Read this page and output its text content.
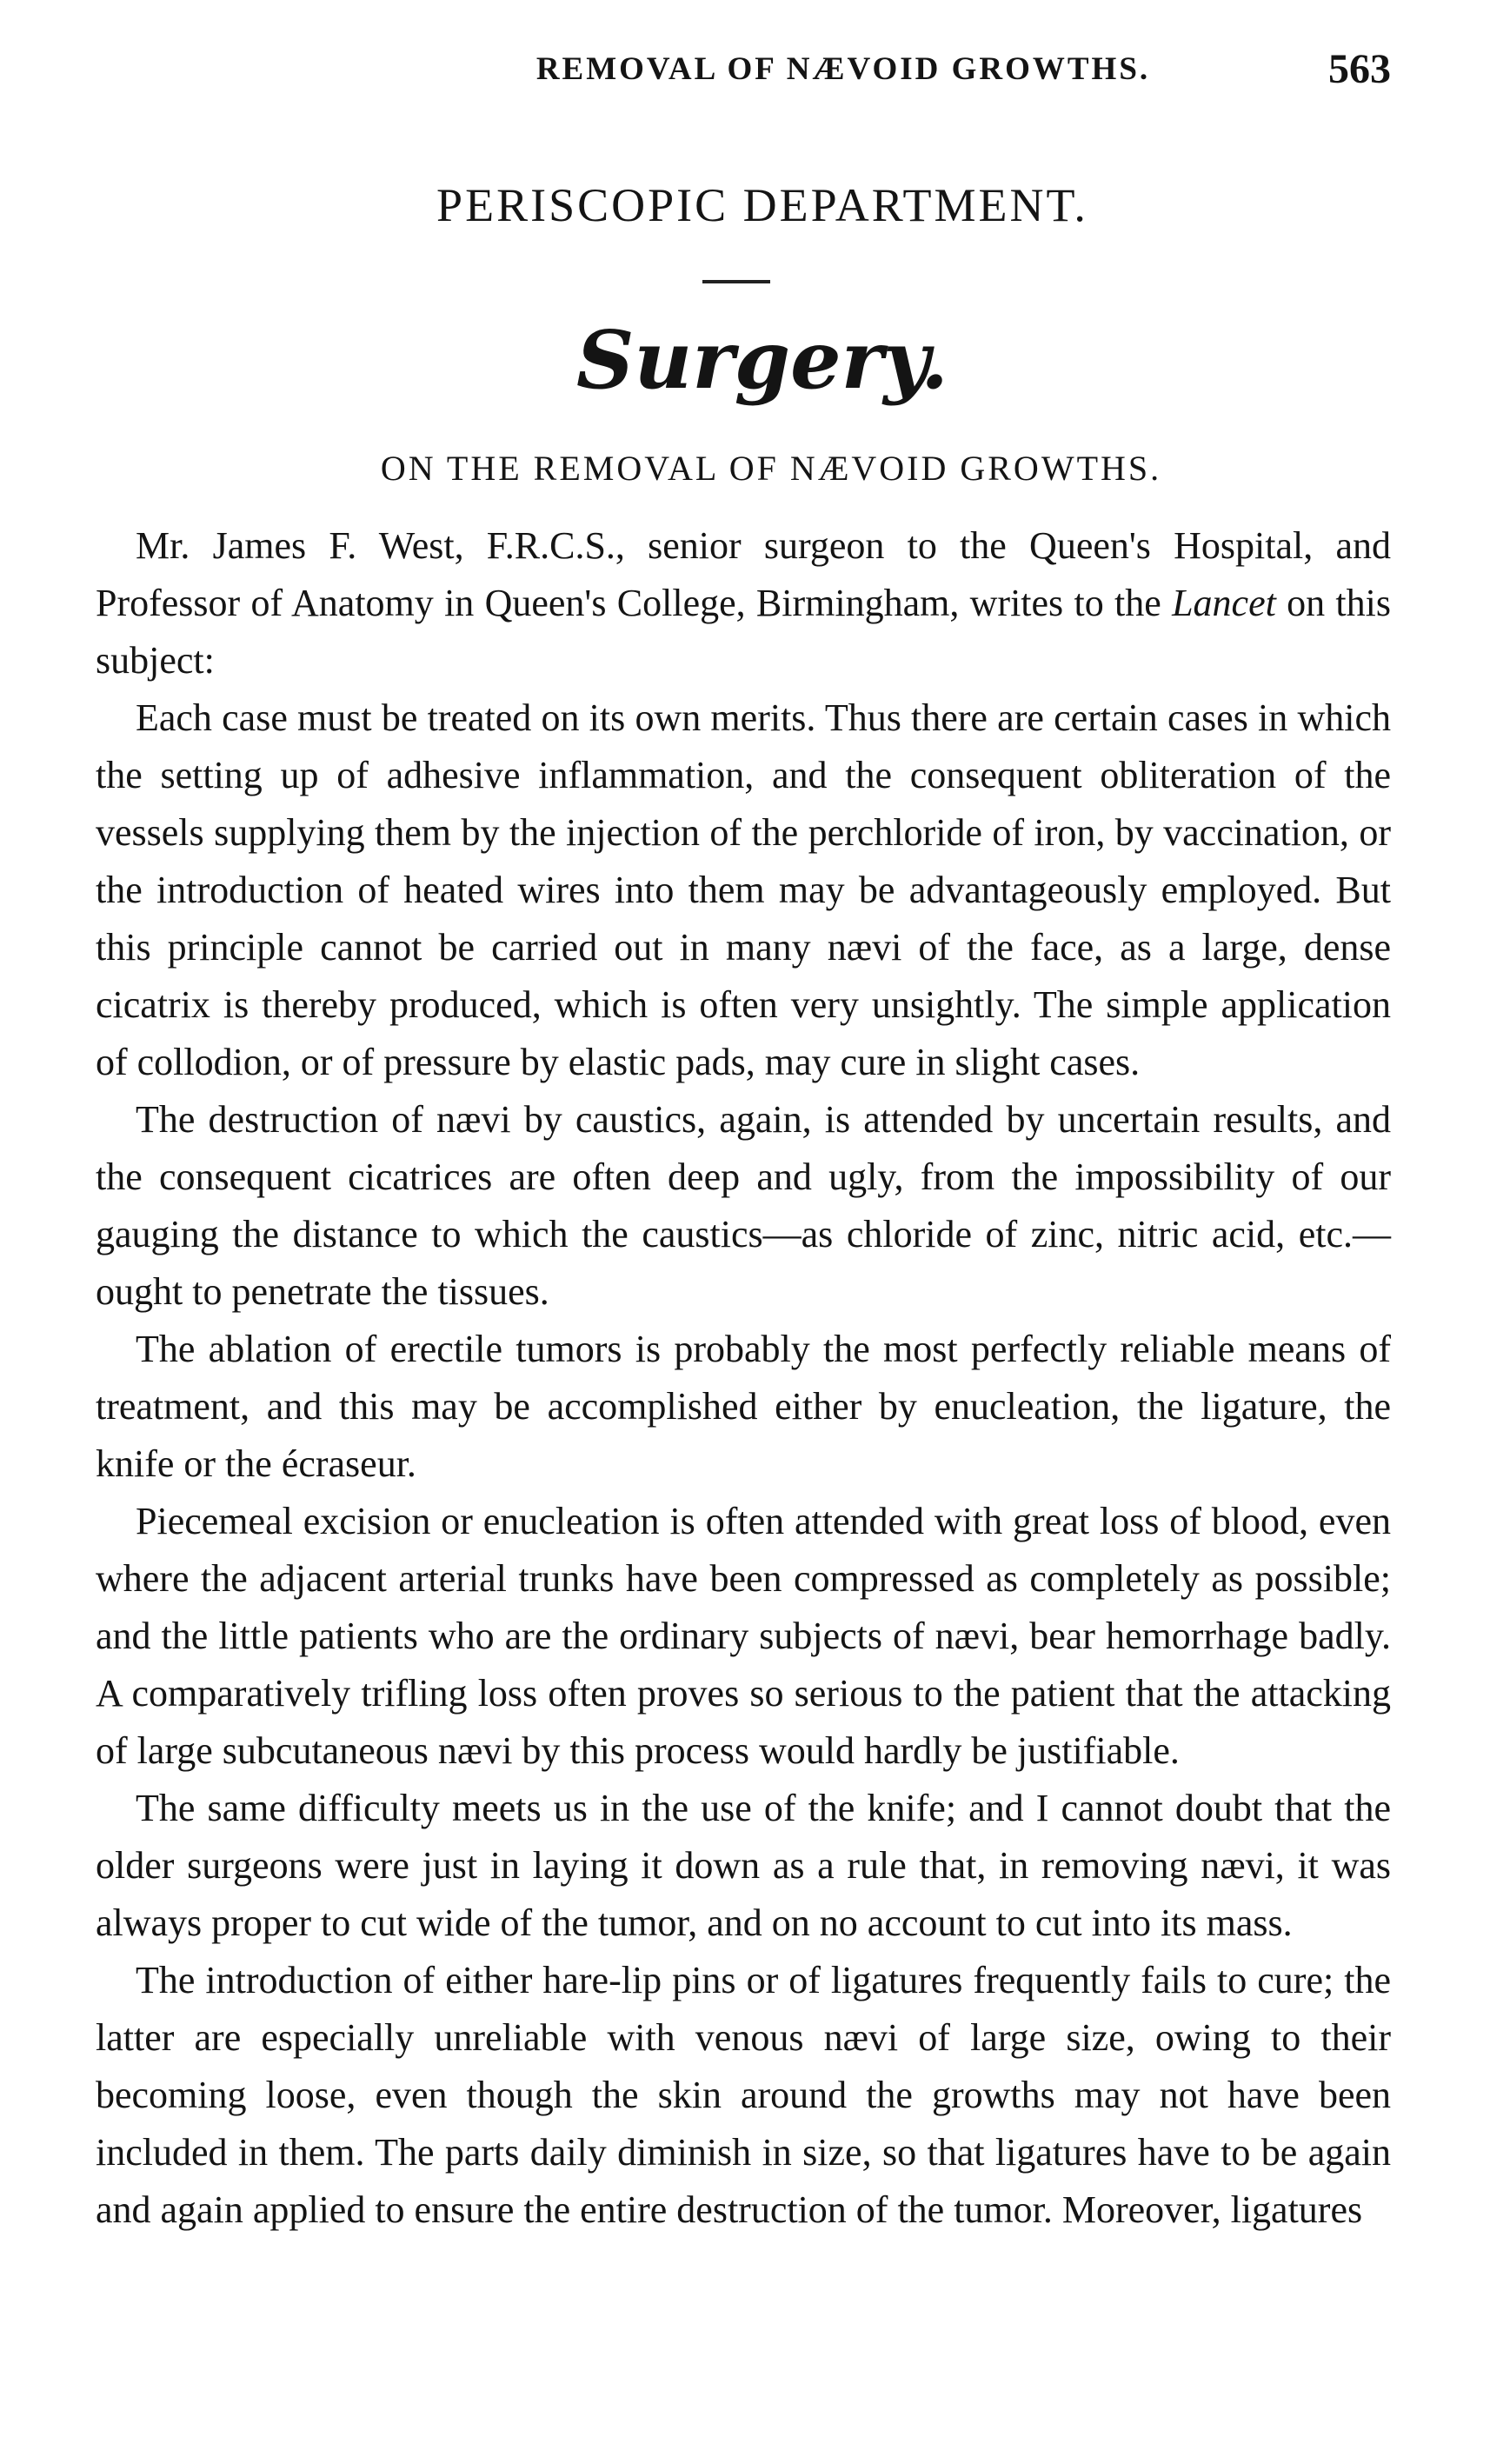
REMOVAL OF NÆVOID GROWTHS.	563
PERISCOPIC DEPARTMENT.
Surgery.
ON THE REMOVAL OF NÆVOID GROWTHS.

Mr. James F. West, F.R.C.S., senior surgeon to the Queen's Hospital, and Professor of Anatomy in Queen's College, Birmingham, writes to the Lancet on this subject:

Each case must be treated on its own merits. Thus there are certain cases in which the setting up of adhesive inflammation, and the consequent obliteration of the vessels supplying them by the injection of the perchloride of iron, by vaccination, or the introduction of heated wires into them may be advantageously employed. But this principle cannot be carried out in many nævi of the face, as a large, dense cicatrix is thereby produced, which is often very unsightly. The simple application of collodion, or of pressure by elastic pads, may cure in slight cases.

The destruction of nævi by caustics, again, is attended by uncertain results, and the consequent cicatrices are often deep and ugly, from the impossibility of our gauging the distance to which the caustics—as chloride of zinc, nitric acid, etc.—ought to penetrate the tissues.

The ablation of erectile tumors is probably the most perfectly reliable means of treatment, and this may be accomplished either by enucleation, the ligature, the knife or the écraseur.

Piecemeal excision or enucleation is often attended with great loss of blood, even where the adjacent arterial trunks have been compressed as completely as possible; and the little patients who are the ordinary subjects of nævi, bear hemorrhage badly. A comparatively trifling loss often proves so serious to the patient that the attacking of large subcutaneous nævi by this process would hardly be justifiable.

The same difficulty meets us in the use of the knife; and I cannot doubt that the older surgeons were just in laying it down as a rule that, in removing nævi, it was always proper to cut wide of the tumor, and on no account to cut into its mass.

The introduction of either hare-lip pins or of ligatures frequently fails to cure; the latter are especially unreliable with venous nævi of large size, owing to their becoming loose, even though the skin around the growths may not have been included in them. The parts daily diminish in size, so that ligatures have to be again and again applied to ensure the entire destruction of the tumor. Moreover, ligatures
